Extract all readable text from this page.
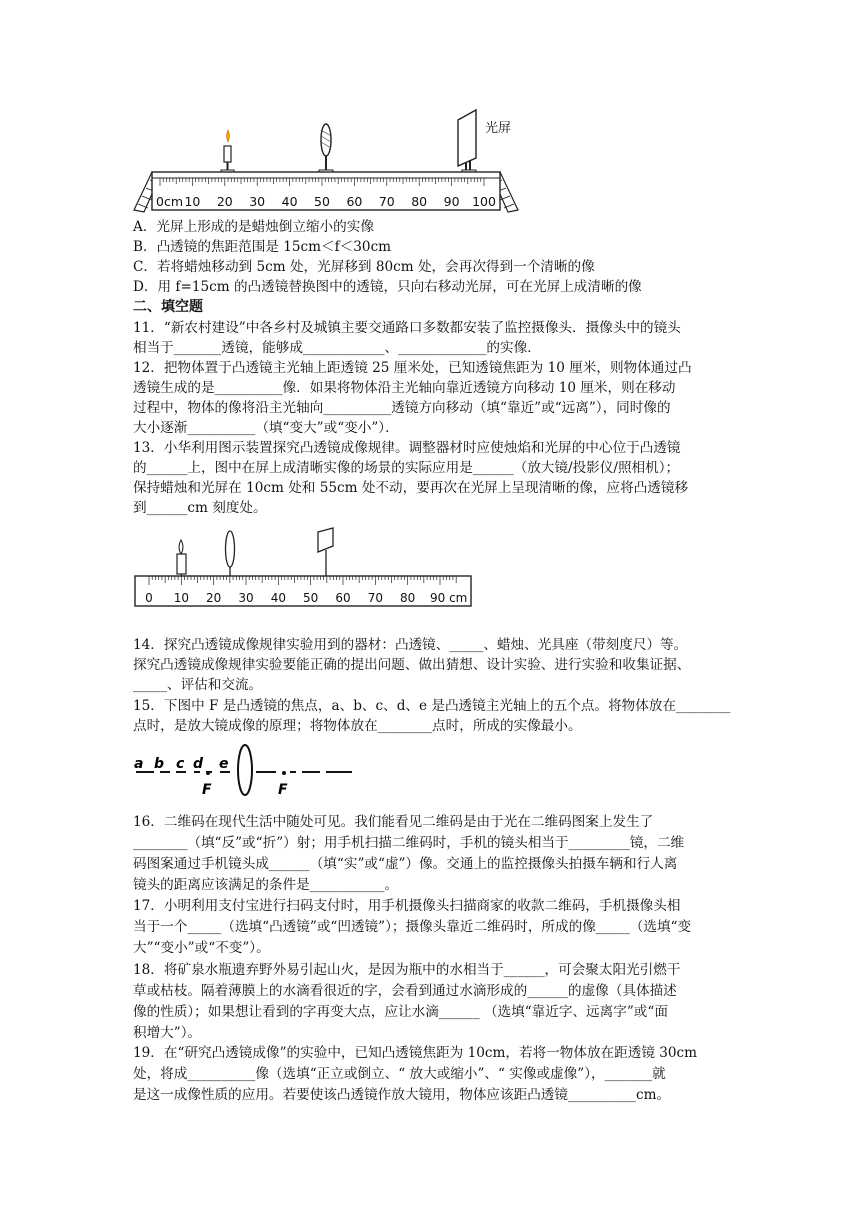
光屏
0cm 10 20 30 40 50 60 70 80 90 100
A．光屏上形成的是蜡烛倒立缩小的实像
B．凸透镜的焦距范围是 15cm＜f＜30cm
C．若将蜡烛移动到 5cm 处，光屏移到 80cm 处，会再次得到一个清晰的像
D．用 f=15cm 的凸透镜替换图中的透镜，只向右移动光屏，可在光屏上成清晰的像
二、填空题
11．“新农村建设”中各乡村及城镇主要交通路口多数都安装了监控摄像头．摄像头中的镜头
相当于_______透镜，能够成____________、_____________的实像．
12．把物体置于凸透镜主光轴上距透镜 25 厘米处，已知透镜焦距为 10 厘米，则物体通过凸
透镜生成的是__________像．如果将物体沿主光轴向靠近透镜方向移动 10 厘米，则在移动
过程中，物体的像将沿主光轴向__________透镜方向移动（填“靠近”或“远离”），同时像的
大小逐渐__________（填“变大”或“变小”）．
13．小华利用图示装置探究凸透镜成像规律。调整器材时应使烛焰和光屏的中心位于凸透镜
的______上，图中在屏上成清晰实像的场景的实际应用是______（放大镜/投影仪/照相机）；
保持蜡烛和光屏在 10cm 处和 55cm 处不动，要再次在光屏上呈现清晰的像，应将凸透镜移
到______cm 刻度处。
0 10 20 30 40 50 60 70 80 90 cm
14．探究凸透镜成像规律实验用到的器材：凸透镜、_____、蜡烛、光具座（带刻度尺）等。
探究凸透镜成像规律实验要能正确的提出问题、做出猜想、设计实验、进行实验和收集证据、
_____、评估和交流。
15．下图中 F 是凸透镜的焦点，a、b、c、d、e 是凸透镜主光轴上的五个点。将物体放在________
点时，是放大镜成像的原理；将物体放在________点时，所成的实像最小。
a b c d e
F	F
16．二维码在现代生活中随处可见。我们能看见二维码是由于光在二维码图案上发生了
________（填“反”或“折”）射；用手机扫描二维码时，手机的镜头相当于_________镜，二维
码图案通过手机镜头成______（填“实”或“虚”）像。交通上的监控摄像头拍摄车辆和行人离
镜头的距离应该满足的条件是___________。
17．小明利用支付宝进行扫码支付时，用手机摄像头扫描商家的收款二维码，手机摄像头相
当于一个_____（选填“凸透镜”或“凹透镜”）；摄像头靠近二维码时，所成的像_____（选填“变
大”“变小”或“不变”）。
18．将矿泉水瓶遗弃野外易引起山火，是因为瓶中的水相当于______，可会聚太阳光引燃干
草或枯枝。隔着薄膜上的水滴看很近的字，会看到通过水滴形成的______的虚像（具体描述
像的性质）；如果想让看到的字再变大点，应让水滴______ （选填“靠近字、远离字”或“面
积增大”）。
19．在“研究凸透镜成像”的实验中，已知凸透镜焦距为 10cm，若将一物体放在距透镜 30cm
处，将成__________像（选填“正立或倒立、“ 放大或缩小”、“ 实像或虚像”），_______就
是这一成像性质的应用。若要使该凸透镜作放大镜用，物体应该距凸透镜__________cm。
